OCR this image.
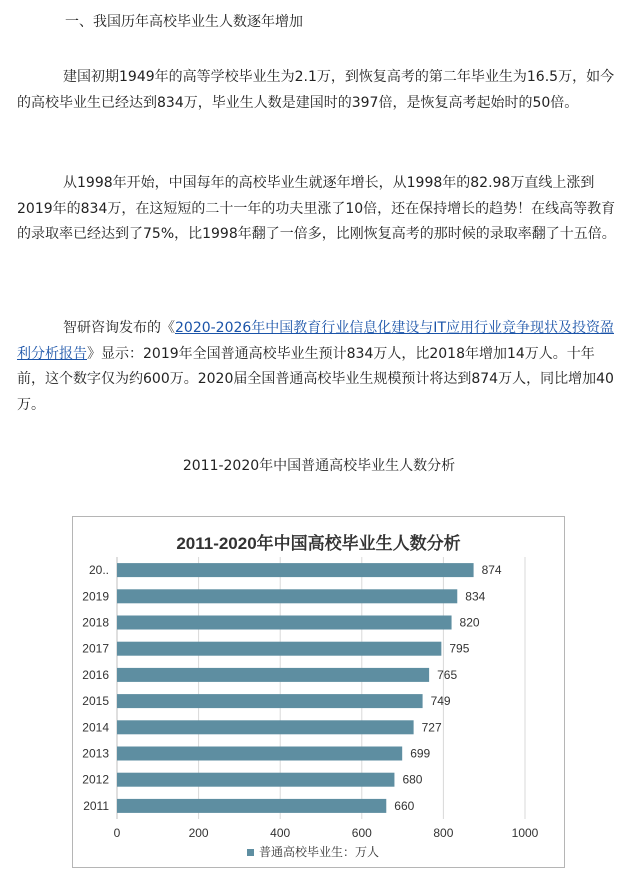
一、我国历年高校毕业生人数逐年增加

建国初期1949年的高等学校毕业生为2.1万，到恢复高考的第二年毕业生为16.5万，如今的高校毕业生已经达到834万，毕业生人数是建国时的397倍，是恢复高考起始时的50倍。

从1998年开始，中国每年的高校毕业生就逐年增长，从1998年的82.98万直线上涨到2019年的834万，在这短短的二十一年的功夫里涨了10倍，还在保持增长的趋势！在线高等教育的录取率已经达到了75%，比1998年翻了一倍多，比刚恢复高考的那时候的录取率翻了十五倍。

智研咨询发布的《2020-2026年中国教育行业信息化建设与IT应用行业竞争现状及投资盈利分析报告》显示：2019年全国普通高校毕业生预计834万人，比2018年增加14万人。十年前，这个数字仅为约600万。2020届全国普通高校毕业生规模预计将达到874万人，同比增加40万。

2011-2020年中国普通高校毕业生人数分析
2011-2020年中国高校毕业生人数分析
0	200	400	600	800	1000
20..	874
2019	834
2018	820
2017	795
2016	765
2015	749
2014	727
2013	699
2012	680
2011	660
普通高校毕业生：万人
